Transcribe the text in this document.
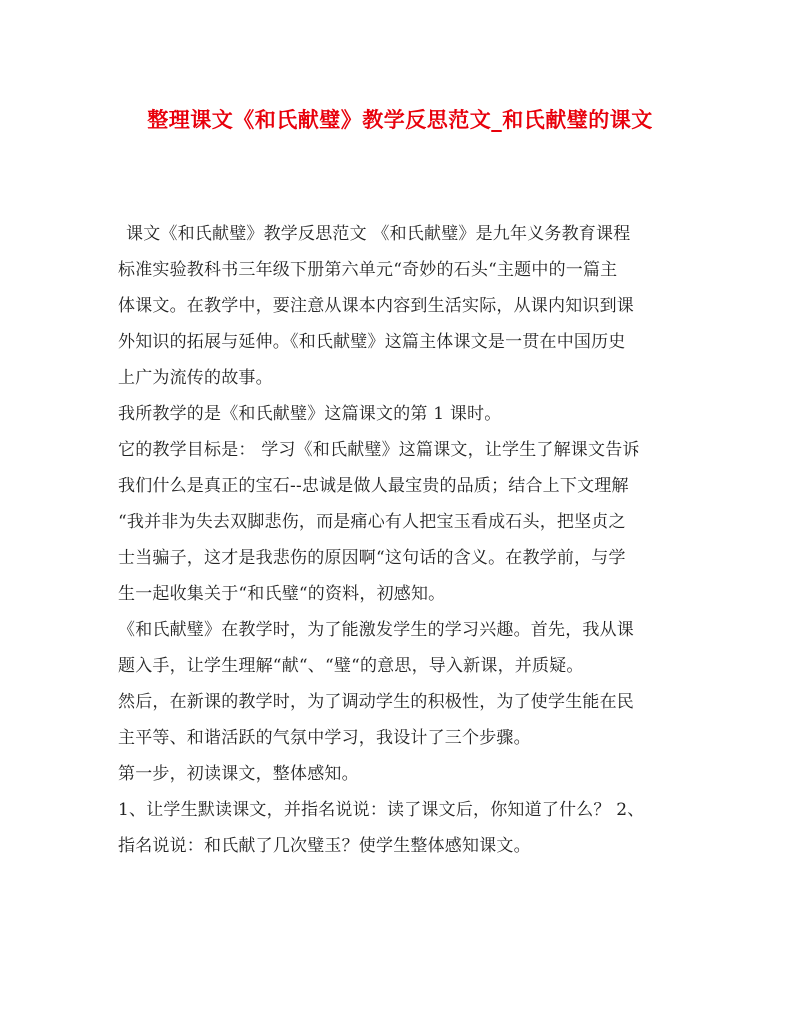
整理课文《和氏献璧》教学反思范文_和氏献璧的课文
课文《和氏献璧》教学反思范文 《和氏献璧》是九年义务教育课程
标准实验教科书三年级下册第六单元“奇妙的石头“主题中的一篇主
体课文。在教学中，要注意从课本内容到生活实际，从课内知识到课
外知识的拓展与延伸。《和氏献璧》这篇主体课文是一贯在中国历史
上广为流传的故事。
我所教学的是《和氏献璧》这篇课文的第 1 课时。
它的教学目标是： 学习《和氏献璧》这篇课文，让学生了解课文告诉
我们什么是真正的宝石--忠诚是做人最宝贵的品质；结合上下文理解
“我并非为失去双脚悲伤，而是痛心有人把宝玉看成石头，把坚贞之
士当骗子，这才是我悲伤的原因啊“这句话的含义。在教学前，与学
生一起收集关于“和氏璧“的资料，初感知。
《和氏献璧》在教学时，为了能激发学生的学习兴趣。首先，我从课
题入手，让学生理解“献“、“璧“的意思，导入新课，并质疑。
然后，在新课的教学时，为了调动学生的积极性，为了使学生能在民
主平等、和谐活跃的气氛中学习，我设计了三个步骤。
第一步，初读课文，整体感知。
1、让学生默读课文，并指名说说：读了课文后，你知道了什么？ 2、
指名说说：和氏献了几次璧玉？使学生整体感知课文。
